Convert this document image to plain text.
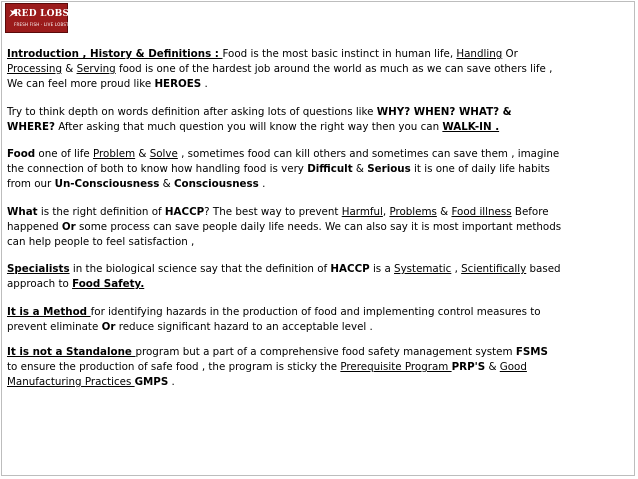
RED LOBSTER
FRESH FISH · LIVE LOBSTER
Introduction , History & Definitions : Food is the most basic instinct in human life, Handling Or
Processing & Serving food is one of the hardest job around the world as much as we can save others life ,
We can feel more proud like HEROES .
Try to think depth on words definition after asking lots of questions like WHY? WHEN? WHAT? &
WHERE? After asking that much question you will know the right way then you can WALK-IN .
Food one of life Problem & Solve , sometimes food can kill others and sometimes can save them , imagine
the connection of both to know how handling food is very Difficult & Serious it is one of daily life habits
from our Un-Consciousness & Consciousness .
What is the right definition of HACCP? The best way to prevent Harmful, Problems & Food illness Before
happened Or some process can save people daily life needs. We can also say it is most important methods
can help people to feel satisfaction ,
Specialists in the biological science say that the definition of HACCP is a Systematic , Scientifically based
approach to Food Safety.
It is a Method for identifying hazards in the production of food and implementing control measures to
prevent eliminate Or reduce significant hazard to an acceptable level .
It is not a Standalone program but a part of a comprehensive food safety management system FSMS
to ensure the production of safe food , the program is sticky the Prerequisite Program PRP'S & Good
Manufacturing Practices GMPS .
